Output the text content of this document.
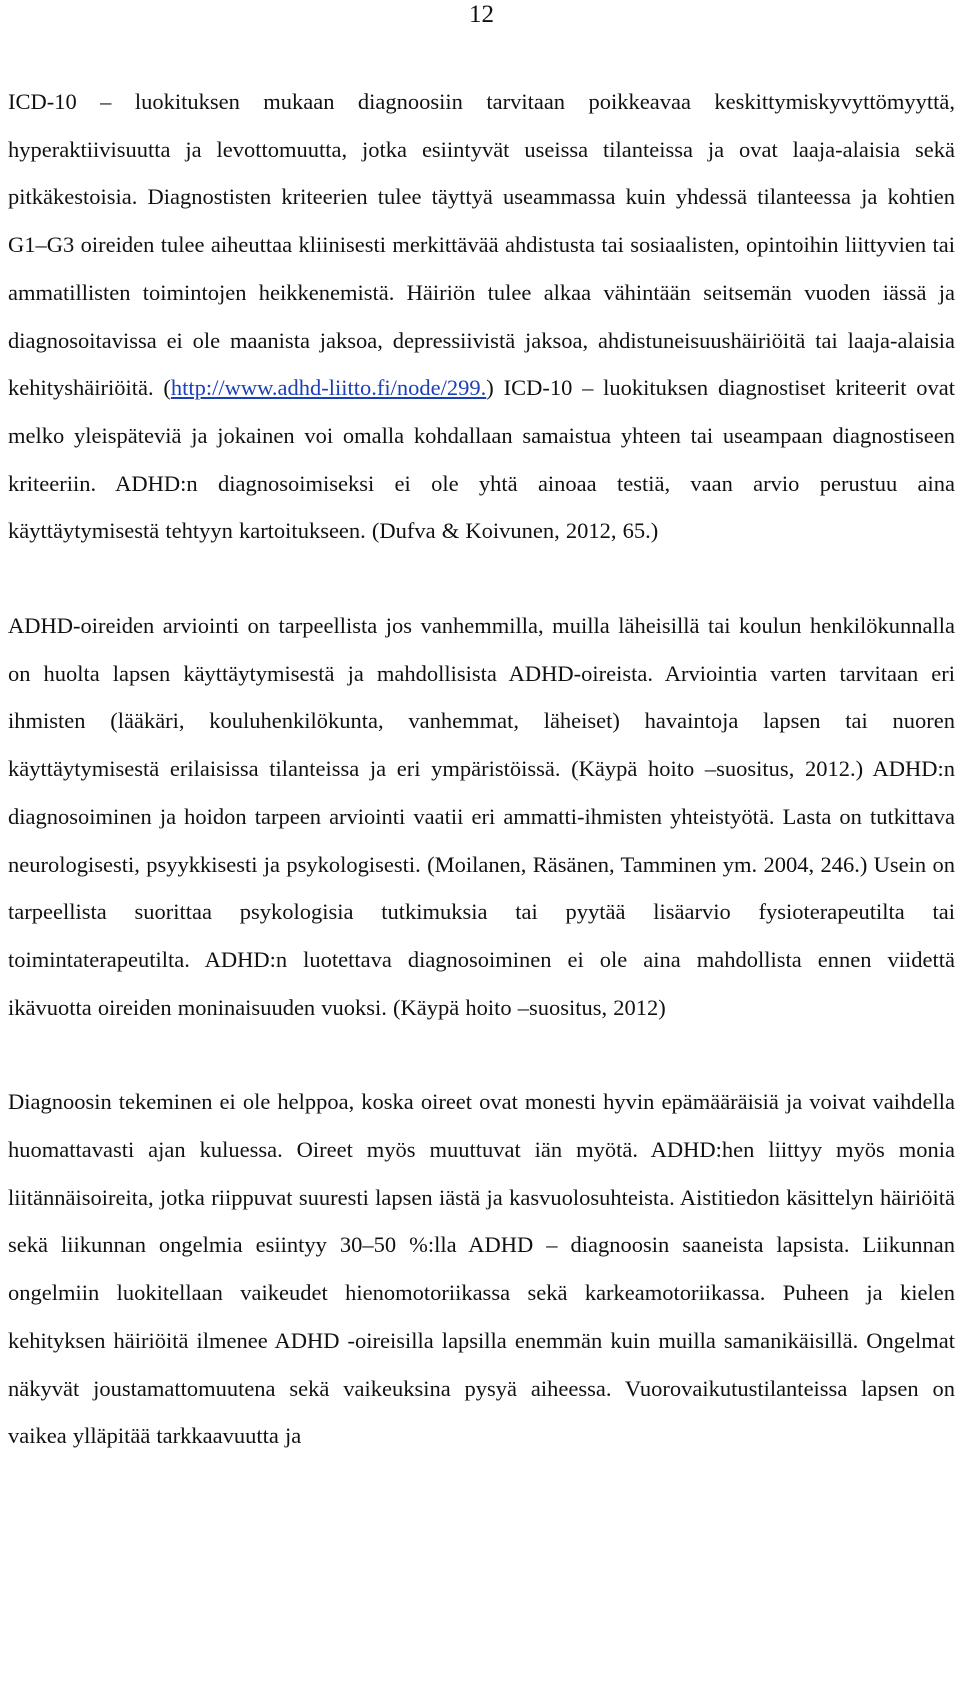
12

ICD-10 – luokituksen mukaan diagnoosiin tarvitaan poikkeavaa keskittymiskyvyttömyyttä, hyperaktiivisuutta ja levottomuutta, jotka esiintyvät useissa tilanteissa ja ovat laaja-alaisia sekä pitkäkestoisia. Diagnostisten kriteerien tulee täyttyä useammassa kuin yhdessä tilanteessa ja kohtien G1–G3 oireiden tulee aiheuttaa kliinisesti merkittävää ahdistusta tai sosiaalisten, opintoihin liittyvien tai ammatillisten toimintojen heikkenemistä. Häiriön tulee alkaa vähintään seitsemän vuoden iässä ja diagnosoitavissa ei ole maanista jaksoa, depressiivistä jaksoa, ahdistuneisuushäiriöitä tai laaja-alaisia kehityshäiriöitä. (http://www.adhd-liitto.fi/node/299.) ICD-10 – luokituksen diagnostiset kriteerit ovat melko yleispäteviä ja jokainen voi omalla kohdallaan samaistua yhteen tai useampaan diagnostiseen kriteeriin. ADHD:n diagnosoimiseksi ei ole yhtä ainoaa testiä, vaan arvio perustuu aina käyttäytymisestä tehtyyn kartoitukseen. (Dufva & Koivunen, 2012, 65.)

ADHD-oireiden arviointi on tarpeellista jos vanhemmilla, muilla läheisillä tai koulun henkilökunnalla on huolta lapsen käyttäytymisestä ja mahdollisista ADHD-oireista. Arviointia varten tarvitaan eri ihmisten (lääkäri, kouluhenkilökunta, vanhemmat, läheiset) havaintoja lapsen tai nuoren käyttäytymisestä erilaisissa tilanteissa ja eri ympäristöissä. (Käypä hoito –suositus, 2012.) ADHD:n diagnosoiminen ja hoidon tarpeen arviointi vaatii eri ammatti-ihmisten yhteistyötä. Lasta on tutkittava neurologisesti, psyykkisesti ja psykologisesti. (Moilanen, Räsänen, Tamminen ym. 2004, 246.) Usein on tarpeellista suorittaa psykologisia tutkimuksia tai pyytää lisäarvio fysioterapeutilta tai toimintaterapeutilta. ADHD:n luotettava diagnosoiminen ei ole aina mahdollista ennen viidettä ikävuotta oireiden moninaisuuden vuoksi. (Käypä hoito –suositus, 2012)

Diagnoosin tekeminen ei ole helppoa, koska oireet ovat monesti hyvin epämääräisiä ja voivat vaihdella huomattavasti ajan kuluessa. Oireet myös muuttuvat iän myötä. ADHD:hen liittyy myös monia liitännäisoireita, jotka riippuvat suuresti lapsen iästä ja kasvuolosuhteista. Aistitiedon käsittelyn häiriöitä sekä liikunnan ongelmia esiintyy 30–50 %:lla ADHD – diagnoosin saaneista lapsista. Liikunnan ongelmiin luokitellaan vaikeudet hienomotoriikassa sekä karkeamotoriikassa. Puheen ja kielen kehityksen häiriöitä ilmenee ADHD -oireisilla lapsilla enemmän kuin muilla samanikäisillä. Ongelmat näkyvät joustamattomuutena sekä vaikeuksina pysyä aiheessa. Vuorovaikutustilanteissa lapsen on vaikea ylläpitää tarkkaavuutta ja
